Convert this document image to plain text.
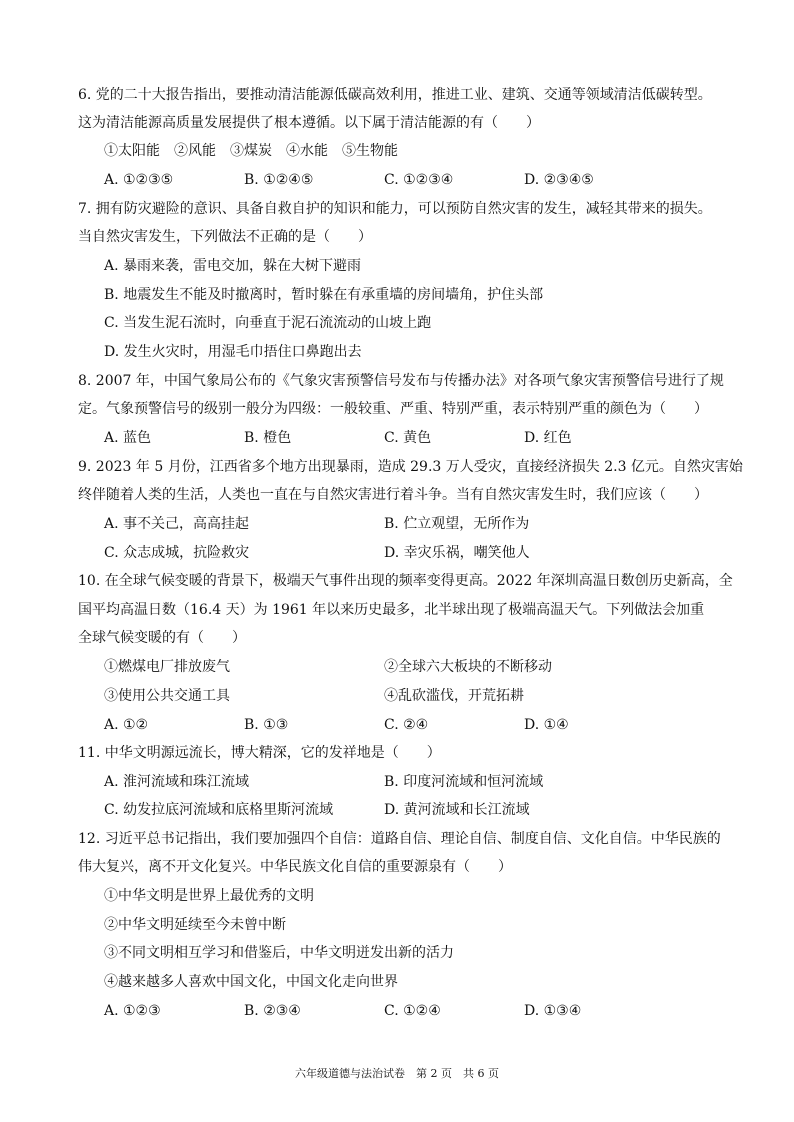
6. 党的二十大报告指出，要推动清洁能源低碳高效利用，推进工业、建筑、交通等领域清洁低碳转型。
这为清洁能源高质量发展提供了根本遵循。以下属于清洁能源的有（　　）
①太阳能　②风能　③煤炭　④水能　⑤生物能
A. ①②③⑤	B. ①②④⑤	C. ①②③④	D. ②③④⑤
7. 拥有防灾避险的意识、具备自救自护的知识和能力，可以预防自然灾害的发生，减轻其带来的损失。
当自然灾害发生，下列做法不正确的是（　　）
A. 暴雨来袭，雷电交加，躲在大树下避雨
B. 地震发生不能及时撤离时，暂时躲在有承重墙的房间墙角，护住头部
C. 当发生泥石流时，向垂直于泥石流流动的山坡上跑
D. 发生火灾时，用湿毛巾捂住口鼻跑出去
8. 2007 年，中国气象局公布的《气象灾害预警信号发布与传播办法》对各项气象灾害预警信号进行了规
定。气象预警信号的级别一般分为四级：一般较重、严重、特别严重，表示特别严重的颜色为（　　）
A. 蓝色	B. 橙色	C. 黄色	D. 红色
9. 2023 年 5 月份，江西省多个地方出现暴雨，造成 29.3 万人受灾，直接经济损失 2.3 亿元。自然灾害始
终伴随着人类的生活，人类也一直在与自然灾害进行着斗争。当有自然灾害发生时，我们应该（　　）
A. 事不关己，高高挂起	B. 伫立观望，无所作为
C. 众志成城，抗险救灾	D. 幸灾乐祸，嘲笑他人
10. 在全球气候变暖的背景下，极端天气事件出现的频率变得更高。2022 年深圳高温日数创历史新高，全
国平均高温日数（16.4 天）为 1961 年以来历史最多，北半球出现了极端高温天气。下列做法会加重
全球气候变暖的有（　　）
①燃煤电厂排放废气	②全球六大板块的不断移动
③使用公共交通工具	④乱砍滥伐，开荒拓耕
A. ①②	B. ①③	C. ②④	D. ①④
11. 中华文明源远流长，博大精深，它的发祥地是（　　）
A. 淮河流域和珠江流域	B. 印度河流域和恒河流域
C. 幼发拉底河流域和底格里斯河流域	D. 黄河流域和长江流域
12. 习近平总书记指出，我们要加强四个自信：道路自信、理论自信、制度自信、文化自信。中华民族的
伟大复兴，离不开文化复兴。中华民族文化自信的重要源泉有（　　）
①中华文明是世界上最优秀的文明
②中华文明延续至今未曾中断
③不同文明相互学习和借鉴后，中华文明迸发出新的活力
④越来越多人喜欢中国文化，中国文化走向世界
A. ①②③	B. ②③④	C. ①②④	D. ①③④
六年级道德与法治试卷　第 2 页　共 6 页
